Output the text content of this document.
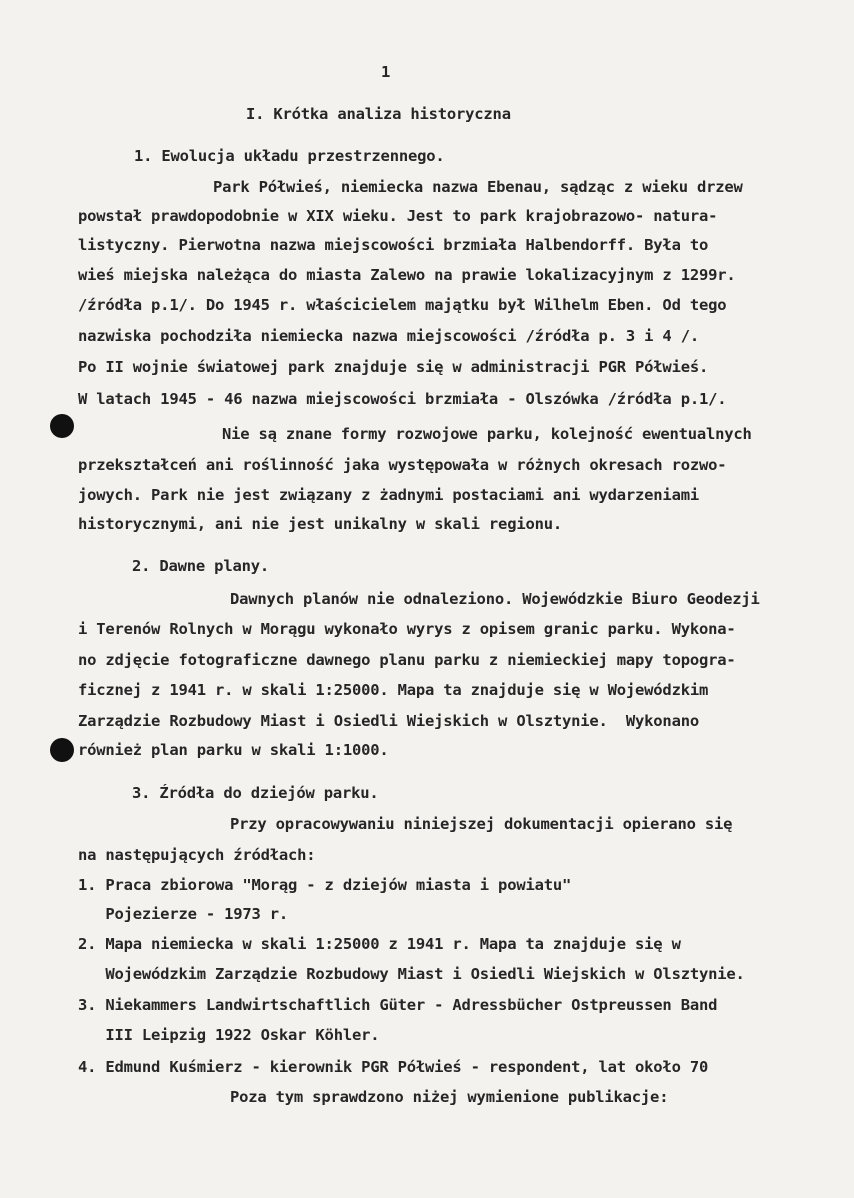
1
I. Krótka analiza historyczna
1. Ewolucja układu przestrzennego.
Park Półwieś, niemiecka nazwa Ebenau, sądząc z wieku drzew
powstał prawdopodobnie w XIX wieku. Jest to park krajobrazowo- natura-
listyczny. Pierwotna nazwa miejscowości brzmiała Halbendorff. Była to
wieś miejska należąca do miasta Zalewo na prawie lokalizacyjnym z 1299r.
/źródła p.1/. Do 1945 r. właścicielem majątku był Wilhelm Eben. Od tego
nazwiska pochodziła niemiecka nazwa miejscowości /źródła p. 3 i 4 /.
Po II wojnie światowej park znajduje się w administracji PGR Półwieś.
W latach 1945 - 46 nazwa miejscowości brzmiała - Olszówka /źródła p.1/.
Nie są znane formy rozwojowe parku, kolejność ewentualnych
przekształceń ani roślinność jaka występowała w różnych okresach rozwo-
jowych. Park nie jest związany z żadnymi postaciami ani wydarzeniami
historycznymi, ani nie jest unikalny w skali regionu.
2. Dawne plany.
Dawnych planów nie odnaleziono. Wojewódzkie Biuro Geodezji
i Terenów Rolnych w Morągu wykonało wyrys z opisem granic parku. Wykona-
no zdjęcie fotograficzne dawnego planu parku z niemieckiej mapy topogra-
ficznej z 1941 r. w skali 1:25000. Mapa ta znajduje się w Wojewódzkim
Zarządzie Rozbudowy Miast i Osiedli Wiejskich w Olsztynie.  Wykonano
również plan parku w skali 1:1000.
3. Źródła do dziejów parku.
Przy opracowywaniu niniejszej dokumentacji opierano się
na następujących źródłach:
1. Praca zbiorowa "Morąg - z dziejów miasta i powiatu"
Pojezierze - 1973 r.
2. Mapa niemiecka w skali 1:25000 z 1941 r. Mapa ta znajduje się w
Wojewódzkim Zarządzie Rozbudowy Miast i Osiedli Wiejskich w Olsztynie.
3. Niekammers Landwirtschaftlich Güter - Adressbücher Ostpreussen Band
III Leipzig 1922 Oskar Köhler.
4. Edmund Kuśmierz - kierownik PGR Półwieś - respondent, lat około 70
Poza tym sprawdzono niżej wymienione publikacje:
